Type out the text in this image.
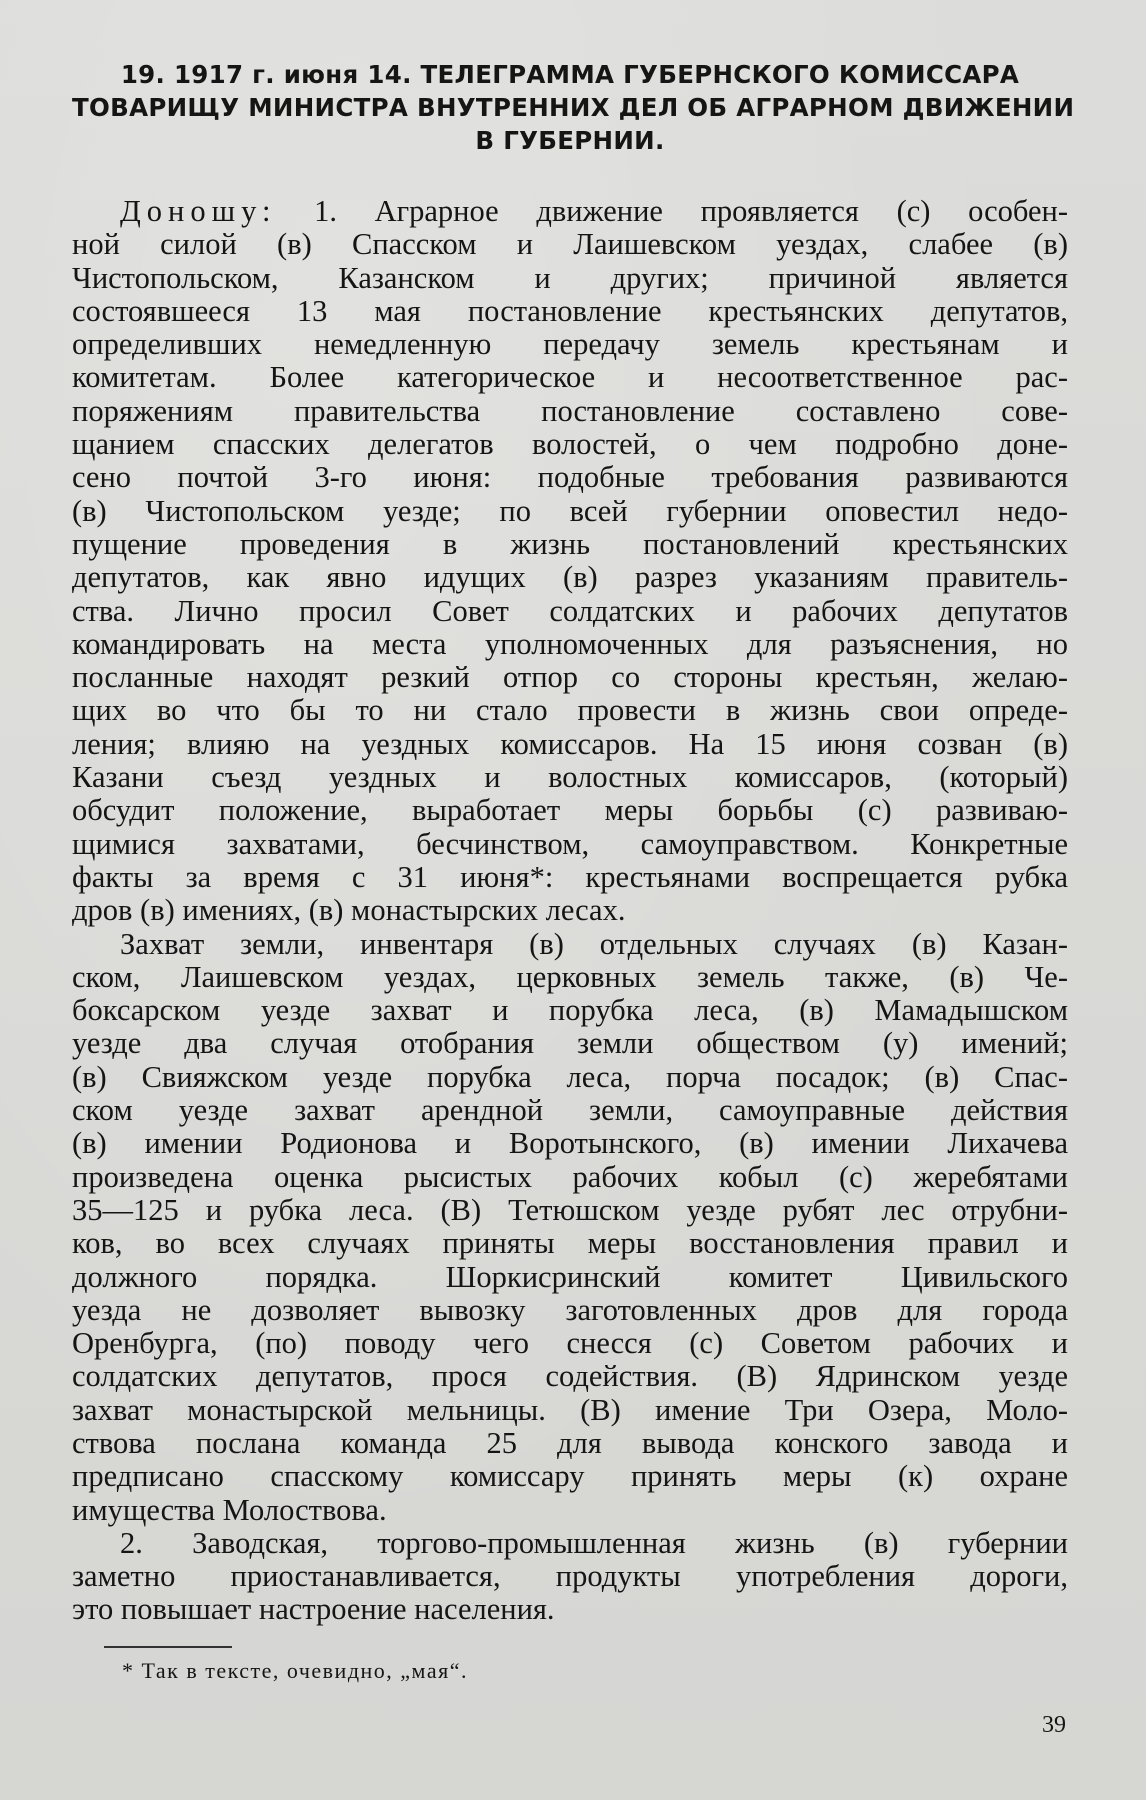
19. 1917 г. июня 14. ТЕЛЕГРАММА ГУБЕРНСКОГО КОМИССАРА
ТОВАРИЩУ МИНИСТРА ВНУТРЕННИХ ДЕЛ ОБ АГРАРНОМ ДВИЖЕНИИ
В ГУБЕРНИИ.

Доношу: 1. Аграрное движение проявляется (с) особен-
ной силой (в) Спасском и Лаишевском уездах, слабее (в)
Чистопольском, Казанском и других; причиной является
состоявшееся 13 мая постановление крестьянских депутатов,
определивших немедленную передачу земель крестьянам и
комитетам. Более категорическое и несоответственное рас-
поряжениям правительства постановление составлено сове-
щанием спасских делегатов волостей, о чем подробно доне-
сено почтой 3-го июня: подобные требования развиваются
(в) Чистопольском уезде; по всей губернии оповестил недо-
пущение проведения в жизнь постановлений крестьянских
депутатов, как явно идущих (в) разрез указаниям правитель-
ства. Лично просил Совет солдатских и рабочих депутатов
командировать на места уполномоченных для разъяснения, но
посланные находят резкий отпор со стороны крестьян, желаю-
щих во что бы то ни стало провести в жизнь свои опреде-
ления; влияю на уездных комиссаров. На 15 июня созван (в)
Казани съезд уездных и волостных комиссаров, (который)
обсудит положение, выработает меры борьбы (с) развиваю-
щимися захватами, бесчинством, самоуправством. Конкретные
факты за время с 31 июня*: крестьянами воспрещается рубка
дров (в) имениях, (в) монастырских лесах.

Захват земли, инвентаря (в) отдельных случаях (в) Казан-
ском, Лаишевском уездах, церковных земель также, (в) Че-
боксарском уезде захват и порубка леса, (в) Мамадышском
уезде два случая отобрания земли обществом (у) имений;
(в) Свияжском уезде порубка леса, порча посадок; (в) Спас-
ском уезде захват арендной земли, самоуправные действия
(в) имении Родионова и Воротынского, (в) имении Лихачева
произведена оценка рысистых рабочих кобыл (с) жеребятами
35—125 и рубка леса. (В) Тетюшском уезде рубят лес отрубни-
ков, во всех случаях приняты меры восстановления правил и
должного порядка. Шоркисринский комитет Цивильского
уезда не дозволяет вывозку заготовленных дров для города
Оренбурга, (по) поводу чего снесся (с) Советом рабочих и
солдатских депутатов, прося содействия. (В) Ядринском уезде
захват монастырской мельницы. (В) имение Три Озера, Моло-
ствова послана команда 25 для вывода конского завода и
предписано спасскому комиссару принять меры (к) охране
имущества Молоствова.

2. Заводская, торгово-промышленная жизнь (в) губернии
заметно приостанавливается, продукты употребления дороги,
это повышает настроение населения.

* Так в тексте, очевидно, „мая“.
39
